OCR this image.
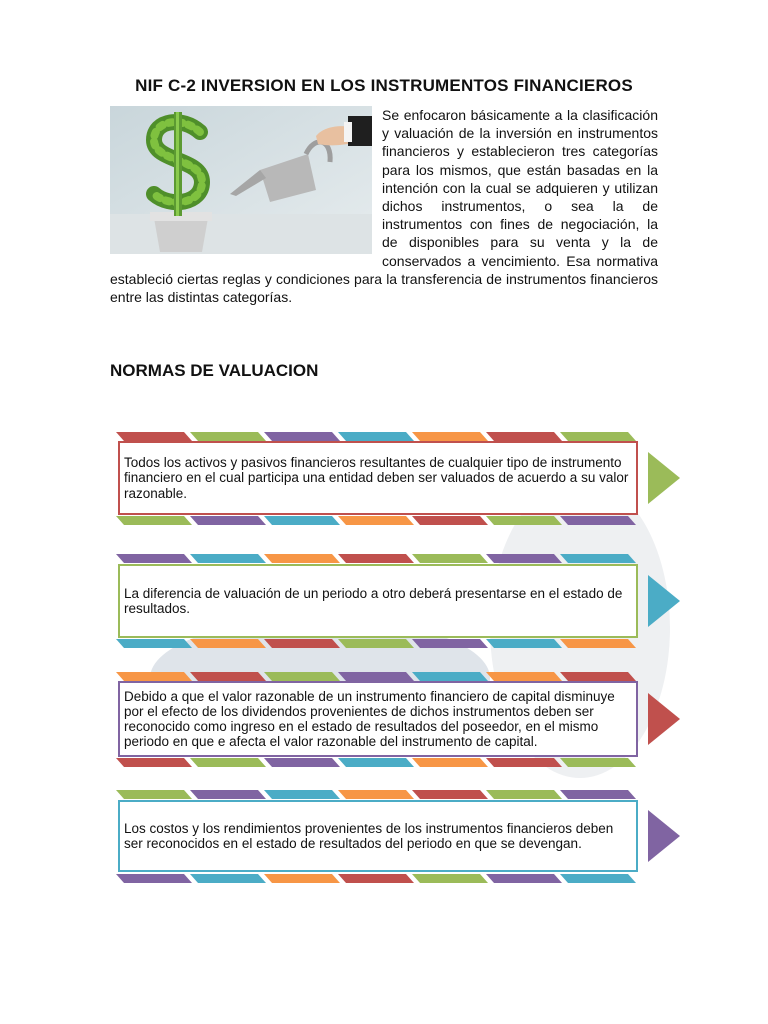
NIF C-2 INVERSION EN LOS INSTRUMENTOS FINANCIEROS

Se enfocaron básicamente a la clasificación y valuación de la inversión en instrumentos financieros y establecieron tres categorías para los mismos, que están basadas en la intención con la cual se adquieren y utilizan dichos instrumentos, o sea la de instrumentos con fines de negociación, la de disponibles para su venta y la de conservados a vencimiento. Esa normativa estableció ciertas reglas y condiciones para la transferencia de instrumentos financieros entre las distintas categorías.

NORMAS DE VALUACION
Todos los activos y pasivos financieros resultantes de cualquier tipo de instrumento financiero en el cual participa una entidad deben ser valuados de acuerdo a su valor razonable.
La diferencia de valuación de un periodo a otro deberá presentarse en el estado de resultados.
Debido a que el valor razonable de un instrumento financiero de capital disminuye por el efecto de los dividendos provenientes de dichos instrumentos deben ser reconocido como ingreso en el estado de resultados del poseedor, en el mismo periodo en que e afecta el valor razonable del instrumento de capital.
Los costos y los rendimientos provenientes de los instrumentos financieros deben ser reconocidos en el estado de resultados del periodo en que se devengan.
